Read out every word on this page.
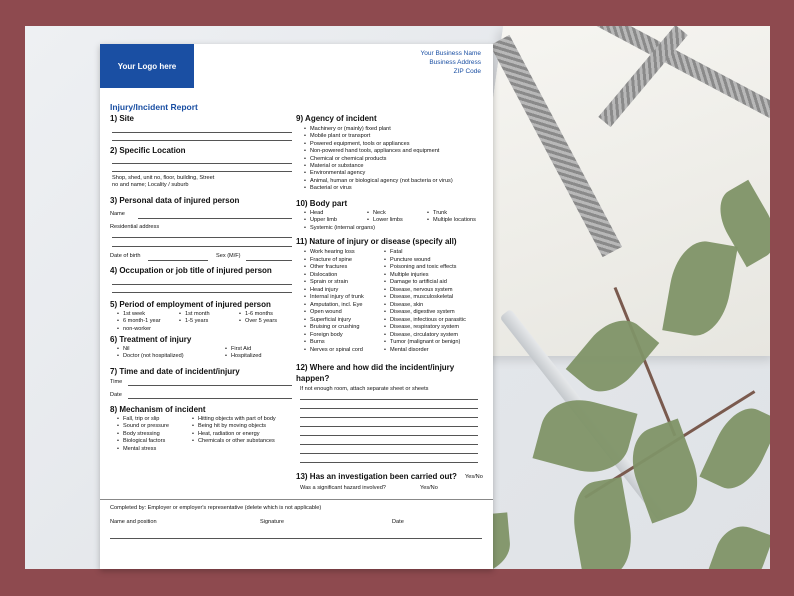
Your Logo here
Your Business Name
Business Address
ZIP Code
Injury/Incident Report
1) Site
2) Specific Location
Shop, shed, unit no, floor, building, Street
no and name; Locality / suburb
3) Personal data of injured person
Name
Residential address
Date of birth	Sex (M/F)
4) Occupation or job title of injured person
5) Period of employment of injured person
• 1st week
• 6 month-1 year
• non-worker
• 1st month
• 1-5 years
• 1-6 months
• Over 5 years
6) Treatment of injury
• Nil
• Doctor (not hospitalized)
• First Aid
• Hospitalized
7) Time and date of incident/injury
Time
Date
8) Mechanism of incident
• Fall, trip or slip
• Sound or pressure
• Body stressing
• Biological factors
• Mental stress
• Hitting objects with part of body
• Being hit by moving objects
• Heat, radiation or energy
• Chemicals or other substances
9) Agency of incident
• Machinery or (mainly) fixed plant
• Mobile plant or transport
• Powered equipment, tools or appliances
• Non-powered hand tools, appliances and equipment
• Chemical or chemical products
• Material or substance
• Environmental agency
• Animal, human or biological agency (not bacteria or virus)
• Bacterial or virus
10) Body part
• Head
• Upper limb
• Systemic (internal organs)
• Neck
• Lower limbs
• Trunk
• Multiple locations
11) Nature of injury or disease (specify all)
• Work hearing loss
• Fracture of spine
• Other fractures
• Dislocation
• Sprain or strain
• Head injury
• Internal injury of trunk
• Amputation, incl. Eye
• Open wound
• Superficial injury
• Bruising or crushing
• Foreign body
• Burns
• Nerves or spinal cord
• Fatal
• Puncture wound
• Poisoning and toxic effects
• Multiple injuries
• Damage to artificial aid
• Disease, nervous system
• Disease, musculoskeletal
• Disease, skin
• Disease, digestive system
• Disease, infectious or parasitic
• Disease, respiratory system
• Disease, circulatory system
• Tumor (malignant or benign)
• Mental disorder
12) Where and how did the incident/injury
happen?
If not enough room, attach separate sheet or sheets
13) Has an investigation been carried out? Yes/No
Was a significant hazard involved?	Yes/No
Completed by: Employer or employer's representative (delete which is not applicable)
Name and position	Signature	Date
